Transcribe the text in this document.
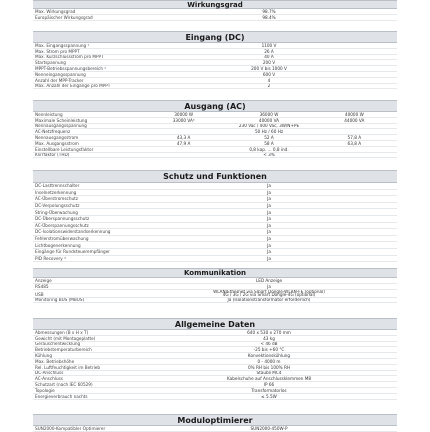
Wirkungsgrad
Max. Wirkungsgrad	98.7%
Europäischer Wirkungsgrad	98.4%
Eingang (DC)
Max. Eingangsspannung ¹	1100 V
Max. Strom pro MPPT	26 A
Max. Kurzschlussstrom pro MPPT	40 A
Startspannung	200 V
MPPT-Betriebsspannungsbereich ²	200 V bis 1000 V
Nenneingangsspannung	600 V
Anzahl der MPP-Tracker	4
Max. Anzahl der Eingänge pro MPPT	2
Ausgang (AC)
Nennleistung	30000 W	36000 W	40000 W
Maximale Scheinleistung	33000 VA³	40000 VA	44000 VA
Nennausgangsspannung	230 Vac / 400 Vac, 3W/N+PE
AC-Netzfrequenz	50 Hz / 60 Hz
Nennausgangsstrom	43,3 A	52 A	57,8 A
Max. Ausgangsstrom	47,9 A	58 A	63,8 A
Einstellbare Leistungsfaktor	0,8 kap. ... 0,8 ind.
Klirrfaktor (THD)	< 3%
Schutz und Funktionen
DC-Lasttrennschalter	Ja
Inselnetzerkennung	Ja
AC-Überstromschutz	Ja
DC-Verpolungsschutz	Ja
String-Überwachung	Ja
DC-Überspannungsschutz	Ja
AC-Überspannungsschutz	Ja
DC-Isolationswiderstandserkennung	Ja
Fehlerstromüberwachung	Ja
Lichtbogenerkennung	Ja
Eingänge für Rundsteuerempfänger	Ja
PID Recovery ⁴	Ja
Kommunikation
Anzeige	LED Anzeige
RS485	Ja
USB
WLAN/Ethernet via Smart Dongle-WLAN-FE (optional)
4G / 3G / 2G via Smart Dongle-4G (optional)
Monitoring BUS (MBUS)	Ja (Isolationstransformator erforderlich)
Allgemeine Daten
Abmessungen (B x H x T)	640 x 530 x 270 mm
Gewicht (mit Montageplatte)	43 kg
Geräuschentwicklung	< 46 dB
Betriebstemperaturbereich	-25 bis +60 °C
Kühlung	Konvektionskühlung
Max. Betriebshöhe	0 - 4000 m
Rel. Luftfeuchtigkeit im Betrieb	0% RH bis 100% RH
DC-Anschluss	Stäubli MC4
AC-Anschluss	Kabelschuhe auf Anschlussklemmen M8
Schutzart (nach IEC 60529)	IP 66
Topologie	Transformatorlos
Energieverbrauch nachts	≤ 5.5W
Moduloptimierer
SUN2000-Kompatibler Optimierer	SUN2000-450W-P
